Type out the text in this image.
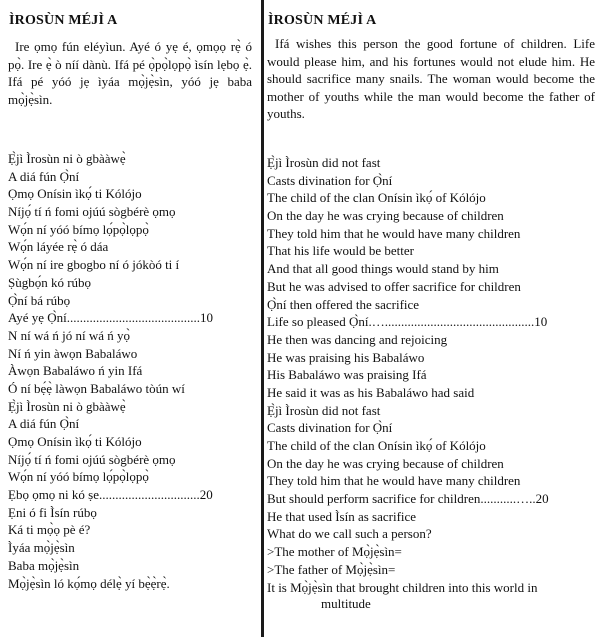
ÌROSÙN MÉJÌ A

Ire ọmọ fún eléyìun. Ayé ó yẹ é, ọmọọ rẹ̀ ó pọ̀. Ire ẹ̀ ò níí dànù. Ifá pé ọ̀pọ̀lọpọ̀ ìsín lẹbọ ẹ̀. Ifá pé yóó jẹ ìyáa mọ̀jẹ̀sìn, yóó jẹ baba mọ̀jẹ̀sìn.

Ẹ̀jì Ìrosùn ni ò gbààwẹ̀
A diá fún Ọ̀ní
Ọmọ Onísin ìkọ́ ti Kólójo
Níjọ́ tí ń fomi ojúú sògbérè ọmọ
Wọ́n ní yóó bímọ lọ́pọ̀lọpọ̀
Wọ́n láyée rẹ̀ ó dáa
Wọ́n ní ire gbogbo ní ó jókòó ti í
Ṣùgbọ́n kó rúbọ
Ọ̀ní bá rúbọ
Ayé yẹ Ọ̀ní.........................................10
N ní wá ń jó ní wá ń yọ̀
Ní ń yin àwọn Babaláwo
Àwọn Babaláwo ń yin Ifá
Ó ní bẹ́ẹ̀ làwọn Babaláwo tòún wí
Ẹ̀jì Ìrosùn ni ò gbààwẹ̀
A diá fún Ọ̀ní
Ọmọ Onísin ìkọ́ ti Kólójo
Níjọ́ tí ń fomi ojúú sògbérè ọmọ
Wọ́n ní yóó bímọ lọ́pọ̀lọpọ̀
Ẹbọ ọmọ ni kó ṣe...............................20
Ẹni ó fi Ìsín rúbọ
Ká ti mọ̀ọ pè é?
Ìyáa mọ̀jẹ̀sìn
Baba mọ̀jẹ̀sìn
Mọ̀jẹ̀sìn ló kọ́mọ délẹ̀ yí bẹ̀ẹ̀rẹ̀.
ÌROSÙN MÉJÌ A

Ifá wishes this person the good fortune of children. Life would please him, and his fortunes would not elude him. He should sacrifice many snails. The woman would become the mother of youths while the man would become the father of youths.

Ẹ̀jì Ìrosùn did not fast
Casts divination for Ọ̀ní
The child of the clan Onísin ìkọ́ of Kólójo
On the day he was crying because of children
They told him that he would have many children
That his life would be better
And that all good things would stand by him
But he was advised to offer sacrifice for children
Ọ̀ní then offered the sacrifice
Life so pleased Ọ̀ní.…..............................................10
He then was dancing and rejoicing
He was praising his Babaláwo
His Babaláwo was praising Ifá
He said it was as his Babaláwo had said
Ẹ̀jì Ìrosùn did not fast
Casts divination for Ọ̀ní
The child of the clan Onísin ìkọ́ of Kólójo
On the day he was crying because of children
They told him that he would have many children
But should perform sacrifice for children...........…..20
He that used Ìsín as sacrifice
What do we call such a person?
>The mother of Mọ̀jẹ̀sìn=
>The father of Mọ̀jẹ̀sìn=
It is Mọ̀jẹ̀sìn that brought children into this world in
multitude
